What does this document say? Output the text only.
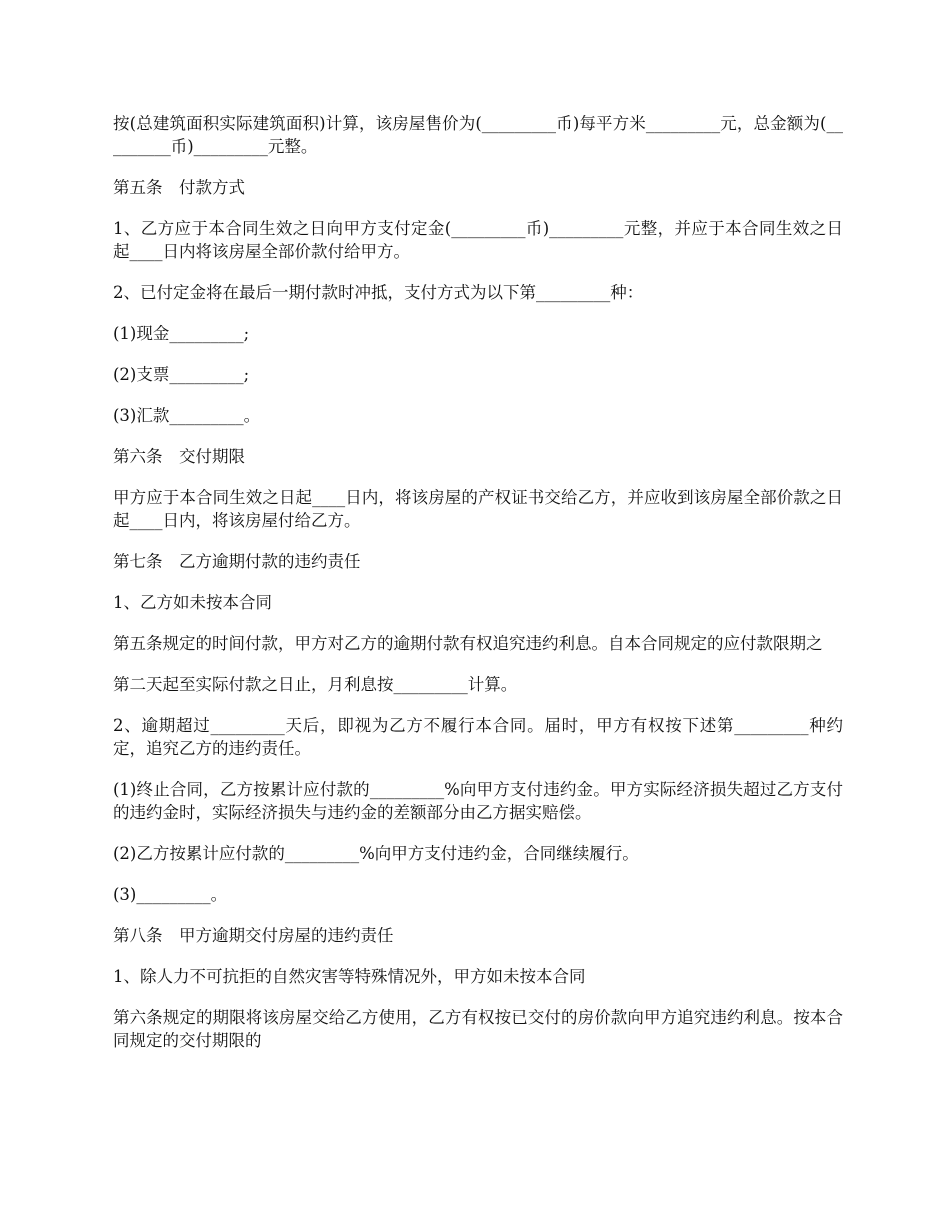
按(总建筑面积实际建筑面积)计算，该房屋售价为(_________币)每平方米_________元，总金额为(_________币)_________元整。

第五条　付款方式

1、乙方应于本合同生效之日向甲方支付定金(_________币)_________元整，并应于本合同生效之日起____日内将该房屋全部价款付给甲方。

2、已付定金将在最后一期付款时冲抵，支付方式为以下第_________种：

(1)现金_________;

(2)支票_________;

(3)汇款_________。

第六条　交付期限

甲方应于本合同生效之日起____日内，将该房屋的产权证书交给乙方，并应收到该房屋全部价款之日起____日内，将该房屋付给乙方。

第七条　乙方逾期付款的违约责任

1、乙方如未按本合同

第五条规定的时间付款，甲方对乙方的逾期付款有权追究违约利息。自本合同规定的应付款限期之

第二天起至实际付款之日止，月利息按_________计算。

2、逾期超过_________天后，即视为乙方不履行本合同。届时，甲方有权按下述第_________种约定，追究乙方的违约责任。

(1)终止合同，乙方按累计应付款的_________%向甲方支付违约金。甲方实际经济损失超过乙方支付的违约金时，实际经济损失与违约金的差额部分由乙方据实赔偿。

(2)乙方按累计应付款的_________%向甲方支付违约金，合同继续履行。

(3)_________。

第八条　甲方逾期交付房屋的违约责任

1、除人力不可抗拒的自然灾害等特殊情况外，甲方如未按本合同

第六条规定的期限将该房屋交给乙方使用，乙方有权按已交付的房价款向甲方追究违约利息。按本合同规定的交付期限的
